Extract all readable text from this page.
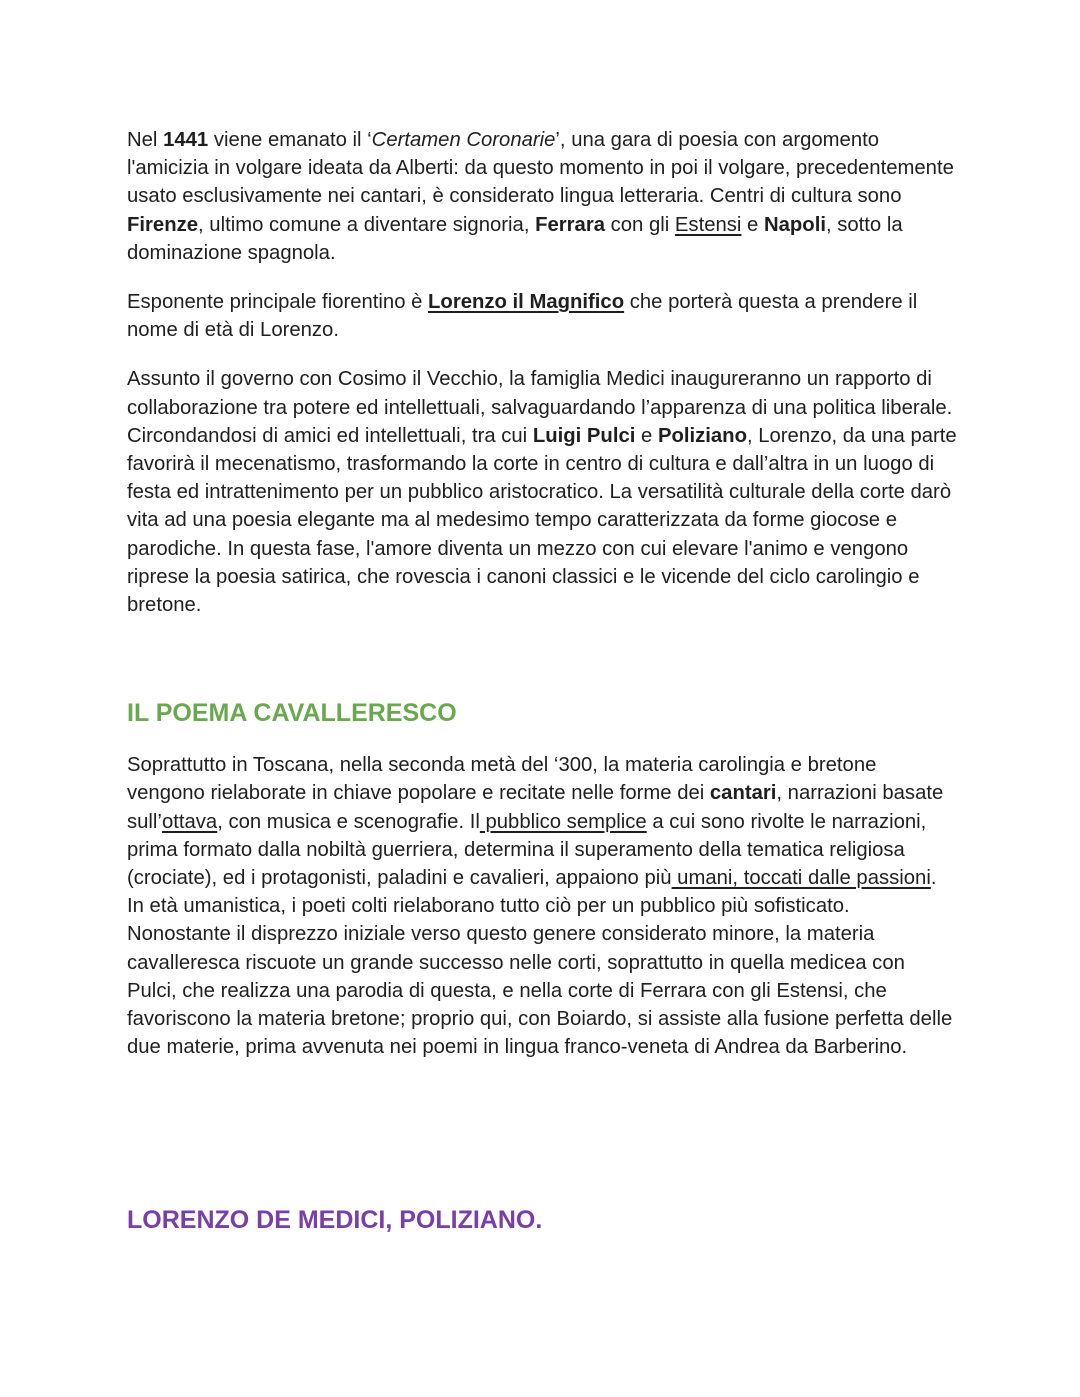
Nel 1441 viene emanato il ‘Certamen Coronarie’, una gara di poesia con argomento l'amicizia in volgare ideata da Alberti: da questo momento in poi il volgare, precedentemente usato esclusivamente nei cantari, è considerato lingua letteraria. Centri di cultura sono Firenze, ultimo comune a diventare signoria, Ferrara con gli Estensi e Napoli, sotto la dominazione spagnola.

Esponente principale fiorentino è Lorenzo il Magnifico che porterà questa a prendere il nome di età di Lorenzo.

Assunto il governo con Cosimo il Vecchio, la famiglia Medici inaugureranno un rapporto di collaborazione tra potere ed intellettuali, salvaguardando l’apparenza di una politica liberale. Circondandosi di amici ed intellettuali, tra cui Luigi Pulci e Poliziano, Lorenzo, da una parte favorirà il mecenatismo, trasformando la corte in centro di cultura e dall’altra in un luogo di festa ed intrattenimento per un pubblico aristocratico. La versatilità culturale della corte darò vita ad una poesia elegante ma al medesimo tempo caratterizzata da forme giocose e parodiche. In questa fase, l'amore diventa un mezzo con cui elevare l'animo e vengono riprese la poesia satirica, che rovescia i canoni classici e le vicende del ciclo carolingio e bretone.

IL POEMA CAVALLERESCO

Soprattutto in Toscana, nella seconda metà del ‘300, la materia carolingia e bretone vengono rielaborate in chiave popolare e recitate nelle forme dei cantari, narrazioni basate sull’ottava, con musica e scenografie. Il pubblico semplice a cui sono rivolte le narrazioni, prima formato dalla nobiltà guerriera, determina il superamento della tematica religiosa (crociate), ed i protagonisti, paladini e cavalieri, appaiono più umani, toccati dalle passioni. In età umanistica, i poeti colti rielaborano tutto ciò per un pubblico più sofisticato. Nonostante il disprezzo iniziale verso questo genere considerato minore, la materia cavalleresca riscuote un grande successo nelle corti, soprattutto in quella medicea con Pulci, che realizza una parodia di questa, e nella corte di Ferrara con gli Estensi, che favoriscono la materia bretone; proprio qui, con Boiardo, si assiste alla fusione perfetta delle due materie, prima avvenuta nei poemi in lingua franco-veneta di Andrea da Barberino.

LORENZO DE MEDICI, POLIZIANO.
